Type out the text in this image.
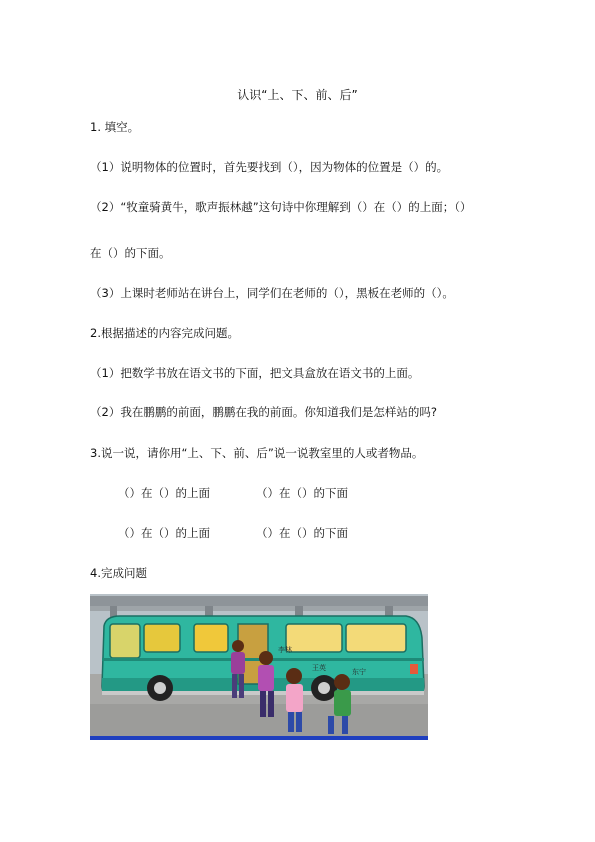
认识“上、下、前、后”
1. 填空。
（1）说明物体的位置时，首先要找到（），因为物体的位置是（）的。
（2）“牧童骑黄牛，歌声振林越”这句诗中你理解到（）在（）的上面；（）
在（）的下面。
（3）上课时老师站在讲台上，同学们在老师的（），黑板在老师的（）。
2.根据描述的内容完成问题。
（1）把数学书放在语文书的下面，把文具盒放在语文书的上面。
（2）我在鹏鹏的前面，鹏鹏在我的前面。你知道我们是怎样站的吗?
3.说一说，请你用“上、下、前、后”说一说教室里的人或者物品。
（）在（）的上面	（）在（）的下面
（）在（）的上面	（）在（）的下面
4.完成问题
李林
王英	东宁
